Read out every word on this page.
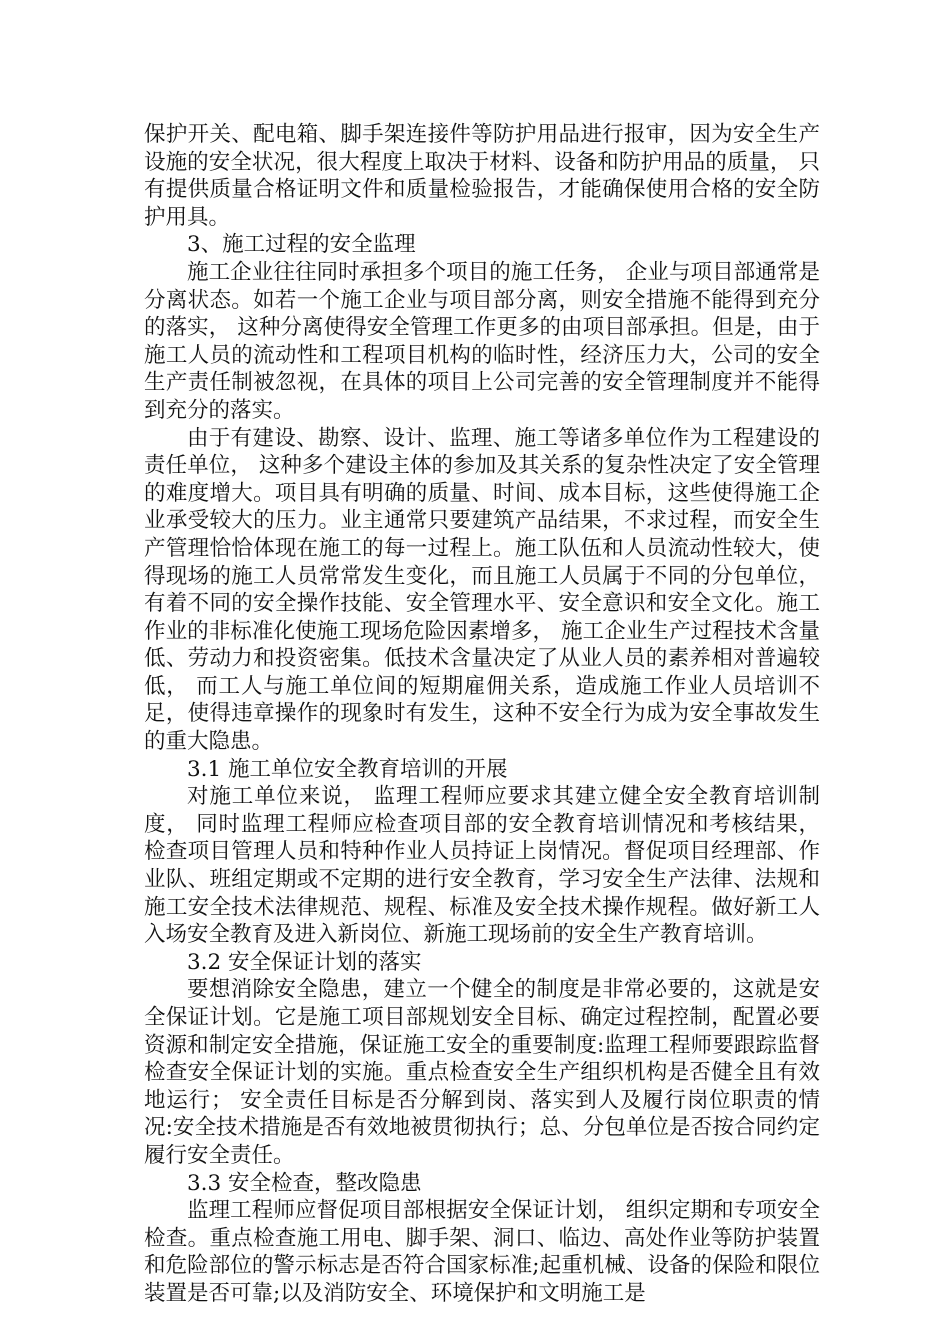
保护开关、配电箱、脚手架连接件等防护用品进行报审，因为安全生产设施的安全状况，很大程度上取决于材料、设备和防护用品的质量， 只有提供质量合格证明文件和质量检验报告，才能确保使用合格的安全防护用具。

3、施工过程的安全监理

施工企业往往同时承担多个项目的施工任务， 企业与项目部通常是分离状态。如若一个施工企业与项目部分离，则安全措施不能得到充分的落实， 这种分离使得安全管理工作更多的由项目部承担。但是，由于施工人员的流动性和工程项目机构的临时性，经济压力大，公司的安全生产责任制被忽视，在具体的项目上公司完善的安全管理制度并不能得到充分的落实。

由于有建设、勘察、设计、监理、施工等诸多单位作为工程建设的责任单位， 这种多个建设主体的参加及其关系的复杂性决定了安全管理的难度增大。项目具有明确的质量、时间、成本目标，这些使得施工企业承受较大的压力。业主通常只要建筑产品结果，不求过程，而安全生产管理恰恰体现在施工的每一过程上。施工队伍和人员流动性较大，使得现场的施工人员常常发生变化，而且施工人员属于不同的分包单位，有着不同的安全操作技能、安全管理水平、安全意识和安全文化。施工作业的非标准化使施工现场危险因素增多， 施工企业生产过程技术含量低、劳动力和投资密集。低技术含量决定了从业人员的素养相对普遍较低， 而工人与施工单位间的短期雇佣关系，造成施工作业人员培训不足，使得违章操作的现象时有发生，这种不安全行为成为安全事故发生的重大隐患。

3.1 施工单位安全教育培训的开展

对施工单位来说， 监理工程师应要求其建立健全安全教育培训制度， 同时监理工程师应检查项目部的安全教育培训情况和考核结果， 检查项目管理人员和特种作业人员持证上岗情况。督促项目经理部、作业队、班组定期或不定期的进行安全教育，学习安全生产法律、法规和施工安全技术法律规范、规程、标准及安全技术操作规程。做好新工人入场安全教育及进入新岗位、新施工现场前的安全生产教育培训。

3.2 安全保证计划的落实

要想消除安全隐患，建立一个健全的制度是非常必要的，这就是安全保证计划。它是施工项目部规划安全目标、确定过程控制，配置必要资源和制定安全措施，保证施工安全的重要制度:监理工程师要跟踪监督检查安全保证计划的实施。重点检查安全生产组织机构是否健全且有效地运行； 安全责任目标是否分解到岗、落实到人及履行岗位职责的情况:安全技术措施是否有效地被贯彻执行；总、分包单位是否按合同约定履行安全责任。

3.3 安全检查，整改隐患

监理工程师应督促项目部根据安全保证计划， 组织定期和专项安全检查。重点检查施工用电、脚手架、洞口、临边、高处作业等防护装置和危险部位的警示标志是否符合国家标准;起重机械、设备的保险和限位装置是否可靠;以及消防安全、环境保护和文明施工是
